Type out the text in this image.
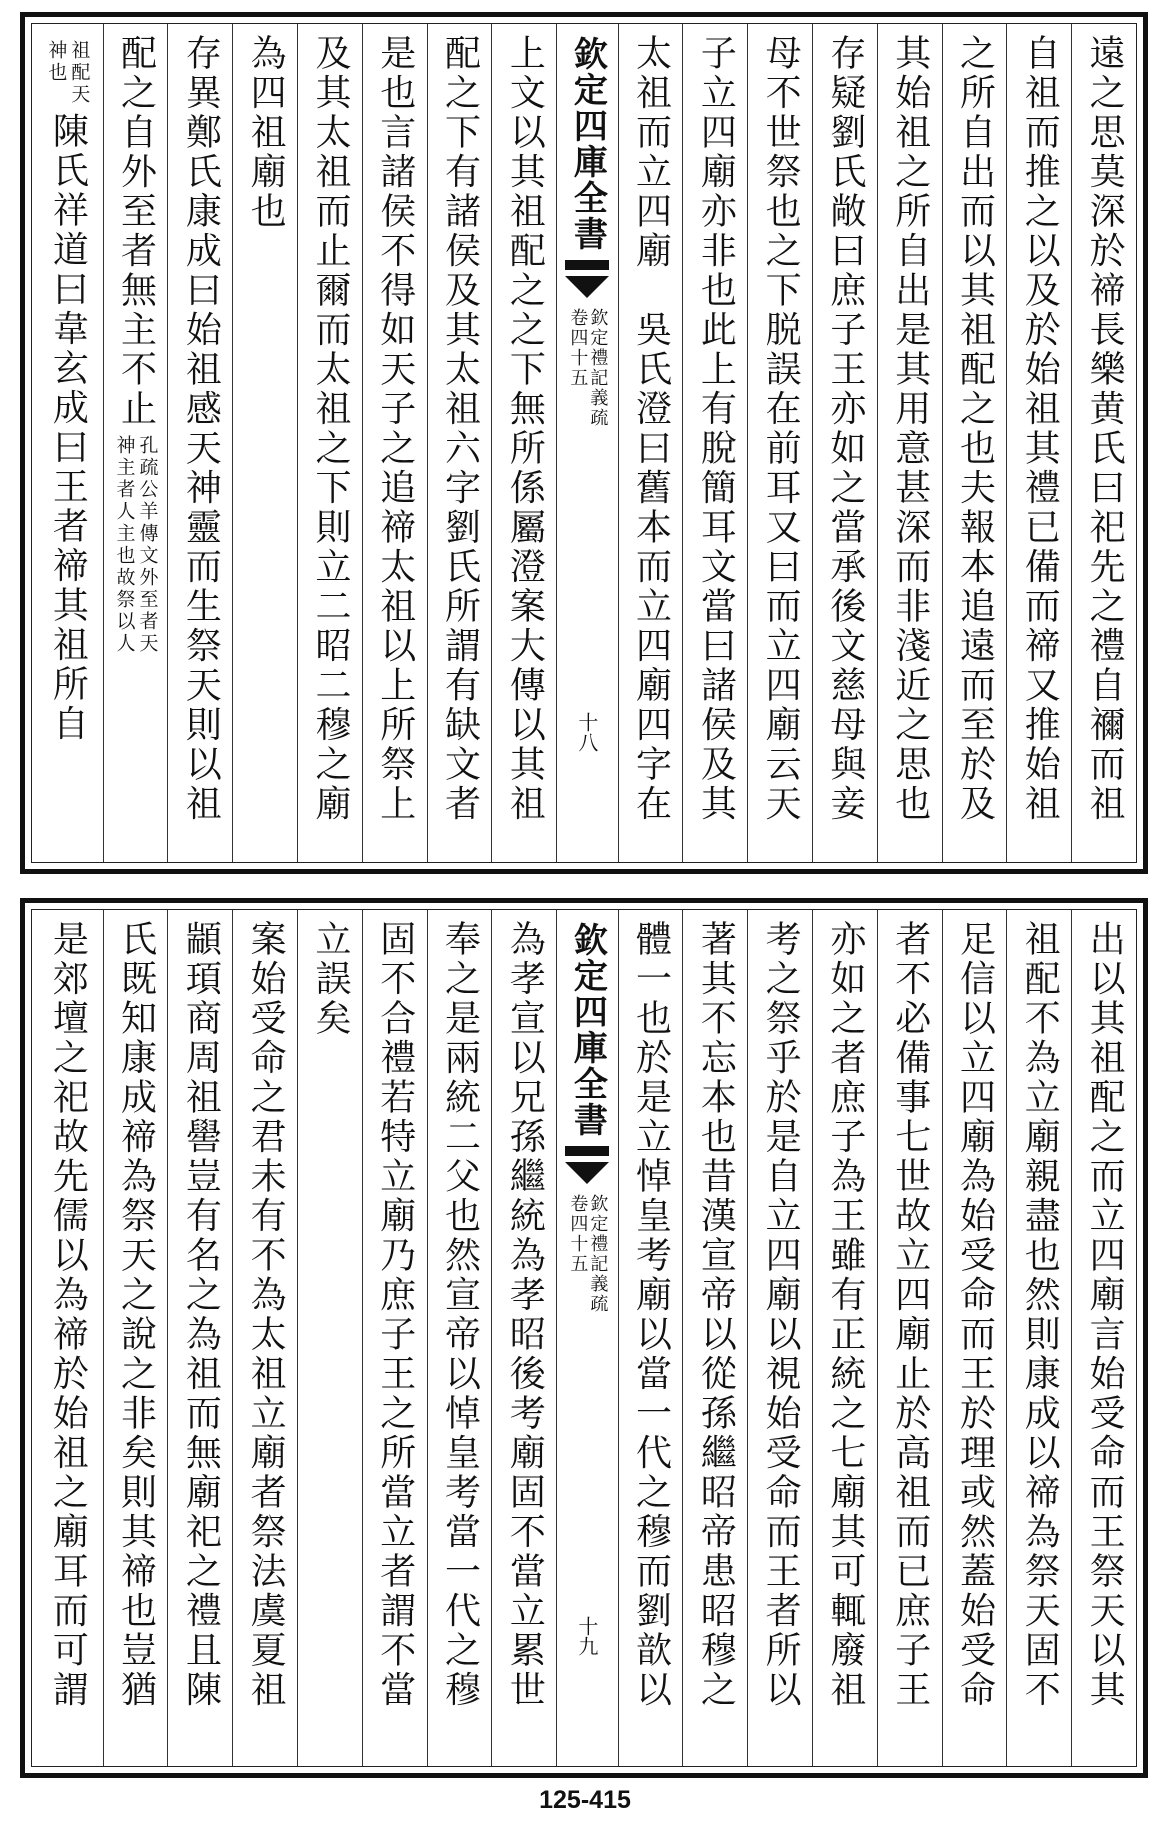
遠之思莫深於禘長樂黄氏曰祀先之禮自禰而祖
自祖而推之以及於始祖其禮已備而禘又推始祖
之所自出而以其祖配之也夫報本追遠而至於及
其始祖之所自出是其用意甚深而非淺近之思也
存疑劉氏敞曰庶子王亦如之當承後文慈母與妾
母不世祭也之下脱誤在前耳又曰而立四廟云天
子立四廟亦非也此上有脫簡耳文當曰諸侯及其
太祖而立四廟　吳氏澄曰舊本而立四廟四字在
欽定四庫全書
欽定禮記義疏
卷四十五
十八
上文以其祖配之之下無所係屬澄案大傳以其祖
配之下有諸侯及其太祖六字劉氏所謂有缺文者
是也言諸侯不得如天子之追禘太祖以上所祭上
及其太祖而止爾而太祖之下則立二昭二穆之廟
為四祖廟也
存異鄭氏康成曰始祖感天神靈而生祭天則以祖
配之自外至者無主不止
孔疏公羊傳文外至者天
神主者人主也故祭以人
祖配天
神也
陳氏祥道曰韋玄成曰王者禘其祖所自
出以其祖配之而立四廟言始受命而王祭天以其
祖配不為立廟親盡也然則康成以禘為祭天固不
足信以立四廟為始受命而王於理或然蓋始受命
者不必備事七世故立四廟止於高祖而已庶子王
亦如之者庶子為王雖有正統之七廟其可輒廢祖
考之祭乎於是自立四廟以視始受命而王者所以
著其不忘本也昔漢宣帝以從孫繼昭帝患昭穆之
體一也於是立悼皇考廟以當一代之穆而劉歆以
欽定四庫全書
欽定禮記義疏
卷四十五
十九
為孝宣以兄孫繼統為孝昭後考廟固不當立累世
奉之是兩統二父也然宣帝以悼皇考當一代之穆
固不合禮若特立廟乃庶子王之所當立者謂不當
立誤矣
案始受命之君未有不為太祖立廟者祭法虞夏祖
顓頊商周祖嚳豈有名之為祖而無廟祀之禮且陳
氏既知康成禘為祭天之說之非矣則其禘也豈猶
是郊壇之祀故先儒以為禘於始祖之廟耳而可謂
125-415
